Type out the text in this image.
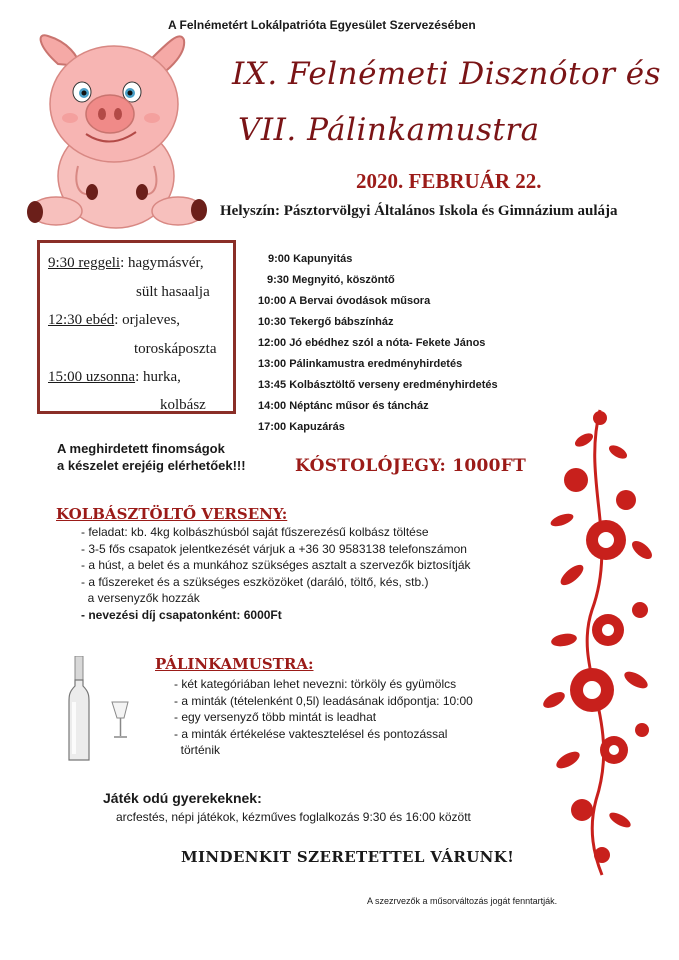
A Felnémetért Lokálpatrióta Egyesület Szervezésében
IX. Felnémeti Disznótor és
VII. Pálinkamustra
2020. FEBRUÁR 22.
Helyszín: Pásztorvölgyi Általános Iskola és Gimnázium aulája
9:30 reggeli: hagymásvér,
sült hasaalja
12:30 ebéd: orjaleves,
toroskáposzta
15:00 uzsonna: hurka,
kolbász
9:00 Kapunyitás
9:30 Megnyitó, köszöntő
10:00 A Bervai óvodások műsora
10:30 Tekergő bábszínház
12:00 Jó ebédhez szól a nóta- Fekete János
13:00 Pálinkamustra eredményhirdetés
13:45 Kolbásztöltő verseny eredményhirdetés
14:00 Néptánc műsor és táncház
17:00 Kapuzárás
A meghirdetett finomságok
a készelet erejéig elérhetőek!!!	KÓSTOLÓJEGY: 1000FT
KOLBÁSZTÖLTŐ VERSENY:
- feladat: kb. 4kg kolbászhúsból saját fűszerezésű kolbász töltése
- 3-5 fős csapatok jelentkezését várjuk a +36 30 9583138 telefonszámon
- a húst, a belet és a munkához szükséges asztalt a szervezők biztosítják
- a fűszereket és a szükséges eszközöket (daráló, töltő, kés, stb.)
a versenyzők hozzák
- nevezési díj csapatonként: 6000Ft
PÁLINKAMUSTRA:
- két kategóriában lehet nevezni: törköly és gyümölcs
- a minták (tételenként 0,5l) leadásának időpontja: 10:00
- egy versenyző több mintát is leadhat
- a minták értékelése vaktesztelésel és pontozással
történik
Játék odú gyerekeknek:
arcfestés, népi játékok, kézműves foglalkozás 9:30 és 16:00 között
MINDENKIT SZERETETTEL VÁRUNK!
A szezrvezők a műsorváltozás jogát fenntartják.
